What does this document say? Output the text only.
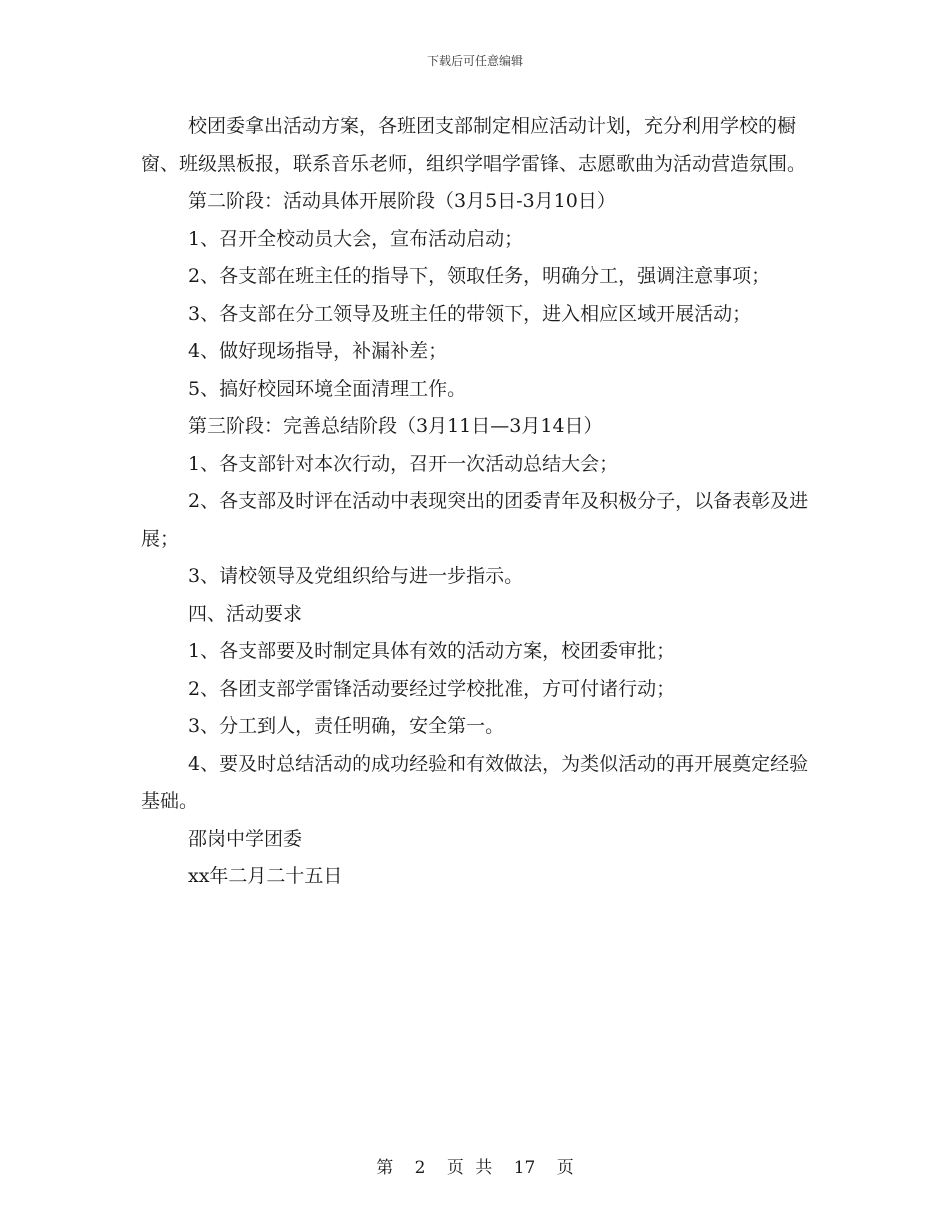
下载后可任意编辑

校团委拿出活动方案，各班团支部制定相应活动计划，充分利用学校的橱窗、班级黑板报，联系音乐老师，组织学唱学雷锋、志愿歌曲为活动营造氛围。

第二阶段：活动具体开展阶段（3月5日-3月10日）

1、召开全校动员大会，宣布活动启动；

2、各支部在班主任的指导下，领取任务，明确分工，强调注意事项；

3、各支部在分工领导及班主任的带领下，进入相应区域开展活动；

4、做好现场指导，补漏补差；

5、搞好校园环境全面清理工作。

第三阶段：完善总结阶段（3月11日—3月14日）

1、各支部针对本次行动，召开一次活动总结大会；

2、各支部及时评在活动中表现突出的团委青年及积极分子，以备表彰及进展；

3、请校领导及党组织给与进一步指示。

四、活动要求

1、各支部要及时制定具体有效的活动方案，校团委审批；

2、各团支部学雷锋活动要经过学校批准，方可付诸行动；

3、分工到人，责任明确，安全第一。

4、要及时总结活动的成功经验和有效做法，为类似活动的再开展奠定经验基础。

邵岗中学团委

xx年二月二十五日

第 2 页 共 17 页
